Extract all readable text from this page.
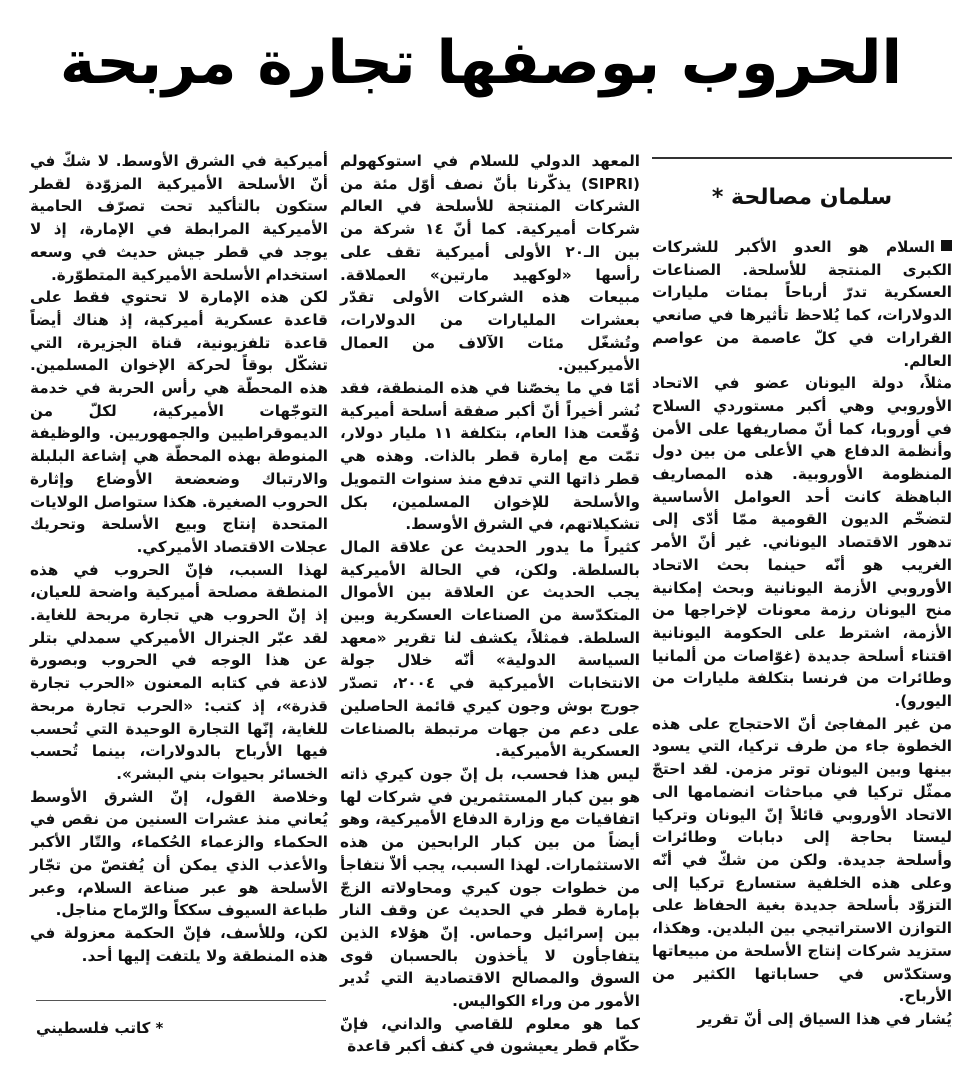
الحروب بوصفها تجارة مربحة
سلمان مصالحة *

السلام هو العدو الأكبر للشركات الكبرى المنتجة للأسلحة. الصناعات العسكرية تدرّ أرباحاً بمئات مليارات الدولارات، كما يُلاحظ تأثيرها في صانعي القرارات في كلّ عاصمة من عواصم العالم.

مثلاً، دولة اليونان عضو في الاتحاد الأوروبي وهي أكبر مستوردي السلاح في أوروبا، كما أنّ مصاريفها على الأمن وأنظمة الدفاع هي الأعلى من بين دول المنظومة الأوروبية. هذه المصاريف الباهظة كانت أحد العوامل الأساسية لتضخّم الديون القومية ممّا أدّى إلى تدهور الاقتصاد اليوناني. غير أنّ الأمر الغريب هو أنّه حينما بحث الاتحاد الأوروبي الأزمة اليونانية وبحث إمكانية منح اليونان رزمة معونات لإخراجها من الأزمة، اشترط على الحكومة اليونانية اقتناء أسلحة جديدة (غوّاصات من ألمانيا وطائرات من فرنسا بتكلفة مليارات من اليورو).

من غير المفاجئ أنّ الاحتجاج على هذه الخطوة جاء من طرف تركيا، التي يسود بينها وبين اليونان توتر مزمن. لقد احتجّ ممثّل تركيا في مباحثات انضمامها الى الاتحاد الأوروبي قائلاً إنّ اليونان وتركيا ليستا بحاجة إلى دبابات وطائرات وأسلحة جديدة. ولكن من شكّ في أنّه وعلى هذه الخلفية ستسارع تركيا إلى التزوّد بأسلحة جديدة بغية الحفاظ على التوازن الاستراتيجي بين البلدين. وهكذا، ستزيد شركات إنتاج الأسلحة من مبيعاتها وستكدّس في حساباتها الكثير من الأرباح.

يُشار في هذا السياق إلى أنّ تقرير

المعهد الدولي للسلام في استوكهولم (SIPRI) يذكّرنا بأنّ نصف أوّل مئة من الشركات المنتجة للأسلحة في العالم شركات أميركية. كما أنّ ١٤ شركة من بين الـ٢٠ الأولى أميركية تقف على رأسها «لوكهيد مارتين» العملاقة. مبيعات هذه الشركات الأولى تقدّر بعشرات المليارات من الدولارات، وتُشغّل مئات الآلاف من العمال الأميركيين.

أمّا في ما يخصّنا في هذه المنطقة، فقد نُشر أخيراً أنّ أكبر صفقة أسلحة أميركية وُقّعت هذا العام، بتكلفة ١١ مليار دولار، تمّت مع إمارة قطر بالذات. وهذه هي قطر ذاتها التي تدفع منذ سنوات التمويل والأسلحة للإخوان المسلمين، بكل تشكيلاتهم، في الشرق الأوسط.

كثيراً ما يدور الحديث عن علاقة المال بالسلطة. ولكن، في الحالة الأميركية يجب الحديث عن العلاقة بين الأموال المتكدّسة من الصناعات العسكرية وبين السلطة. فمثلاً، يكشف لنا تقرير «معهد السياسة الدولية» أنّه خلال جولة الانتخابات الأميركية في ٢٠٠٤، تصدّر جورج بوش وجون كيري قائمة الحاصلين على دعم من جهات مرتبطة بالصناعات العسكرية الأميركية.

ليس هذا فحسب، بل إنّ جون كيري ذاته هو بين كبار المستثمرين في شركات لها اتفاقيات مع وزارة الدفاع الأميركية، وهو أيضاً من بين كبار الرابحين من هذه الاستثمارات. لهذا السبب، يجب ألاّ نتفاجأ من خطوات جون كيري ومحاولاته الزجّ بإمارة قطر في الحديث عن وقف النار بين إسرائيل وحماس. إنّ هؤلاء الذين يتفاجأون لا يأخذون بالحسبان قوى السوق والمصالح الاقتصادية التي تُدير الأمور من وراء الكواليس.

كما هو معلوم للقاصي والداني، فإنّ حكّام قطر يعيشون في كنف أكبر قاعدة

أميركية في الشرق الأوسط. لا شكّ في أنّ الأسلحة الأميركية المزوّدة لقطر ستكون بالتأكيد تحت تصرّف الحامية الأميركية المرابطة في الإمارة، إذ لا يوجد في قطر جيش حديث في وسعه استخدام الأسلحة الأميركية المتطوّرة.

لكن هذه الإمارة لا تحتوي فقط على قاعدة عسكرية أميركية، إذ هناك أيضاً قاعدة تلفزيونية، قناة الجزيرة، التي تشكّل بوقاً لحركة الإخوان المسلمين. هذه المحطّة هي رأس الحربة في خدمة التوجّهات الأميركية، لكلّ من الديموقراطيين والجمهوريين. والوظيفة المنوطة بهذه المحطّة هي إشاعة البلبلة والارتباك وضعضعة الأوضاع وإثارة الحروب الصغيرة. هكذا ستواصل الولايات المتحدة إنتاج وبيع الأسلحة وتحريك عجلات الاقتصاد الأميركي.

لهذا السبب، فإنّ الحروب في هذه المنطقة مصلحة أميركية واضحة للعيان، إذ إنّ الحروب هي تجارة مربحة للغاية. لقد عبّر الجنرال الأميركي سمدلي بتلر عن هذا الوجه في الحروب وبصورة لاذعة في كتابه المعنون «الحرب تجارة قذرة»، إذ كتب: «الحرب تجارة مربحة للغاية، إنّها التجارة الوحيدة التي تُحسب فيها الأرباح بالدولارات، بينما تُحسب الخسائر بحيوات بني البشر».

وخلاصة القول، إنّ الشرق الأوسط يُعاني منذ عشرات السنين من نقص في الحكماء والزعماء الحُكماء، والتّار الأكبر والأعذب الذي يمكن أن يُفتصّ من تجّار الأسلحة هو عبر صناعة السلام، وعبر طباعة السيوف سككاً والرّماح مناجل.

لكن، وللأسف، فإنّ الحكمة معزولة في هذه المنطقة ولا يلتفت إليها أحد.

* كاتب فلسطيني
